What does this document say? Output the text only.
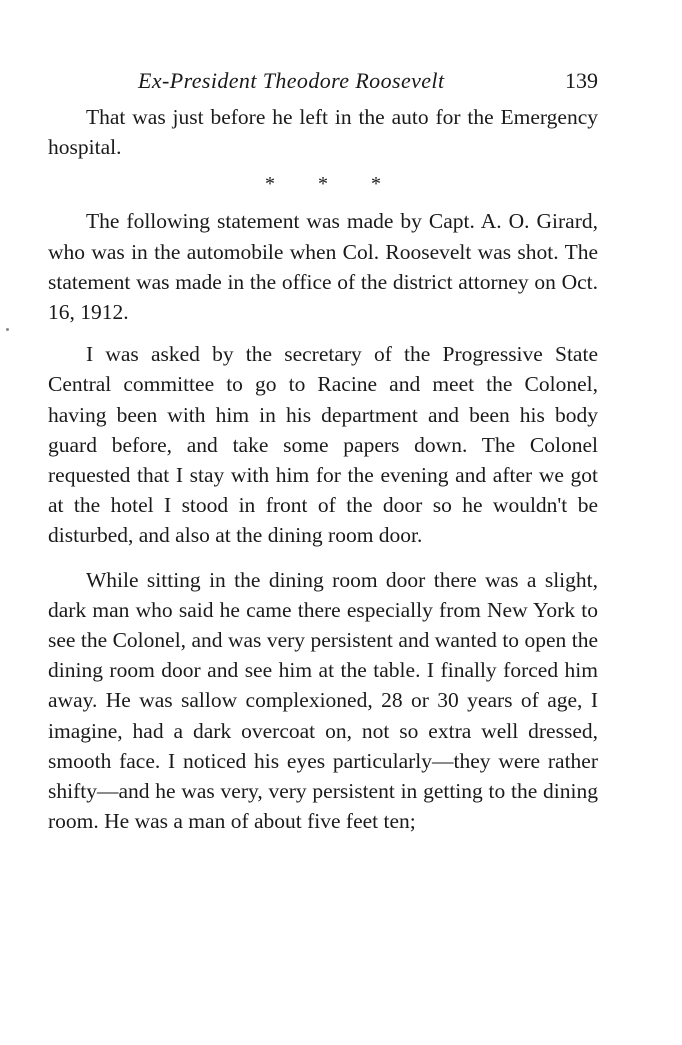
Ex-President Theodore Roosevelt	139

That was just before he left in the auto for the Emergency hospital.

* * *

The following statement was made by Capt. A. O. Girard, who was in the automobile when Col. Roosevelt was shot. The statement was made in the office of the district attorney on Oct. 16, 1912.

I was asked by the secretary of the Progressive State Central committee to go to Racine and meet the Colonel, having been with him in his department and been his body guard before, and take some papers down. The Colonel requested that I stay with him for the evening and after we got at the hotel I stood in front of the door so he wouldn't be disturbed, and also at the dining room door.

While sitting in the dining room door there was a slight, dark man who said he came there especially from New York to see the Colonel, and was very persistent and wanted to open the dining room door and see him at the table. I finally forced him away. He was sallow complexioned, 28 or 30 years of age, I imagine, had a dark overcoat on, not so extra well dressed, smooth face. I noticed his eyes particularly—they were rather shifty—and he was very, very persistent in getting to the dining room. He was a man of about five feet ten;
